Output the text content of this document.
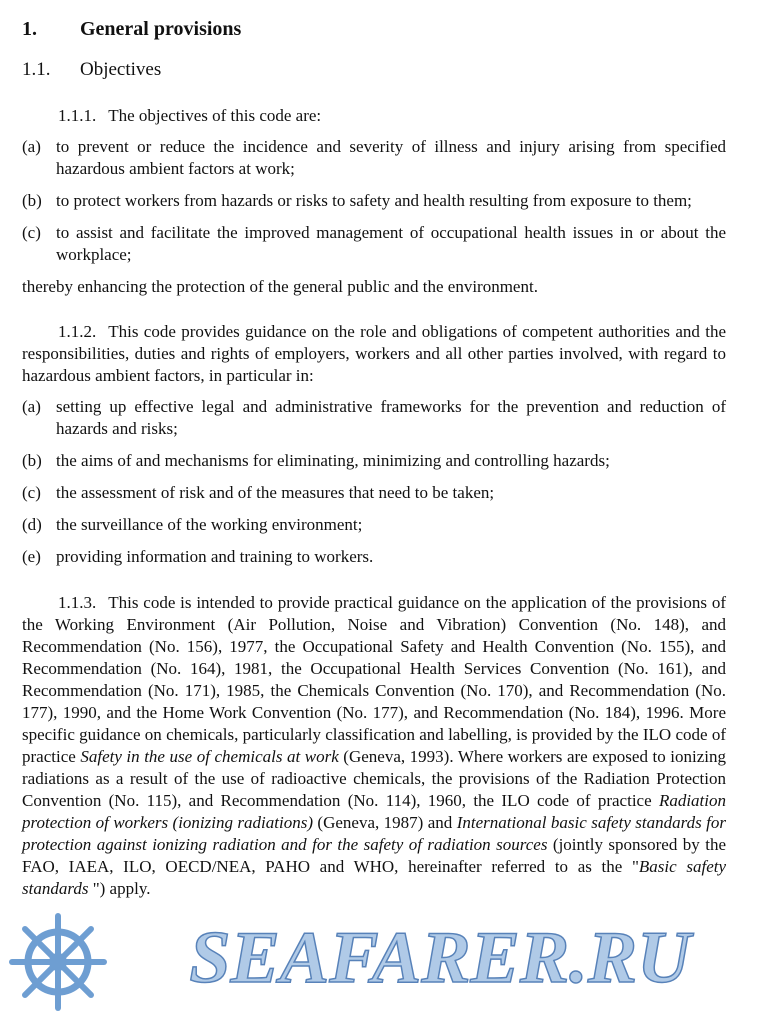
1.	General provisions
1.1.	Objectives

1.1.1. The objectives of this code are:

(a) to prevent or reduce the incidence and severity of illness and injury arising from specified hazardous ambient factors at work;
(b) to protect workers from hazards or risks to safety and health resulting from exposure to them;
(c) to assist and facilitate the improved management of occupational health issues in or about the workplace;

thereby enhancing the protection of the general public and the environment.

1.1.2. This code provides guidance on the role and obligations of competent authorities and the responsibilities, duties and rights of employers, workers and all other parties involved, with regard to hazardous ambient factors, in particular in:

(a) setting up effective legal and administrative frameworks for the prevention and reduction of hazards and risks;
(b) the aims of and mechanisms for eliminating, minimizing and controlling hazards;
(c) the assessment of risk and of the measures that need to be taken;
(d) the surveillance of the working environment;
(e) providing information and training to workers.

1.1.3. This code is intended to provide practical guidance on the application of the provisions of the Working Environment (Air Pollution, Noise and Vibration) Convention (No. 148), and Recommendation (No. 156), 1977, the Occupational Safety and Health Convention (No. 155), and Recommendation (No. 164), 1981, the Occupational Health Services Convention (No. 161), and Recommendation (No. 171), 1985, the Chemicals Convention (No. 170), and Recommendation (No. 177), 1990, and the Home Work Convention (No. 177), and Recommendation (No. 184), 1996. More specific guidance on chemicals, particularly classification and labelling, is provided by the ILO code of practice Safety in the use of chemicals at work (Geneva, 1993). Where workers are exposed to ionizing radiations as a result of the use of radioactive chemicals, the provisions of the Radiation Protection Convention (No. 115), and Recommendation (No. 114), 1960, the ILO code of practice Radiation protection of workers (ionizing radiations) (Geneva, 1987) and International basic safety standards for protection against ionizing radiation and for the safety of radiation sources (jointly sponsored by the FAO, IAEA, ILO, OECD/NEA, PAHO and WHO, hereinafter referred to as the "Basic safety standards ") apply.

SEAFARER.RU
